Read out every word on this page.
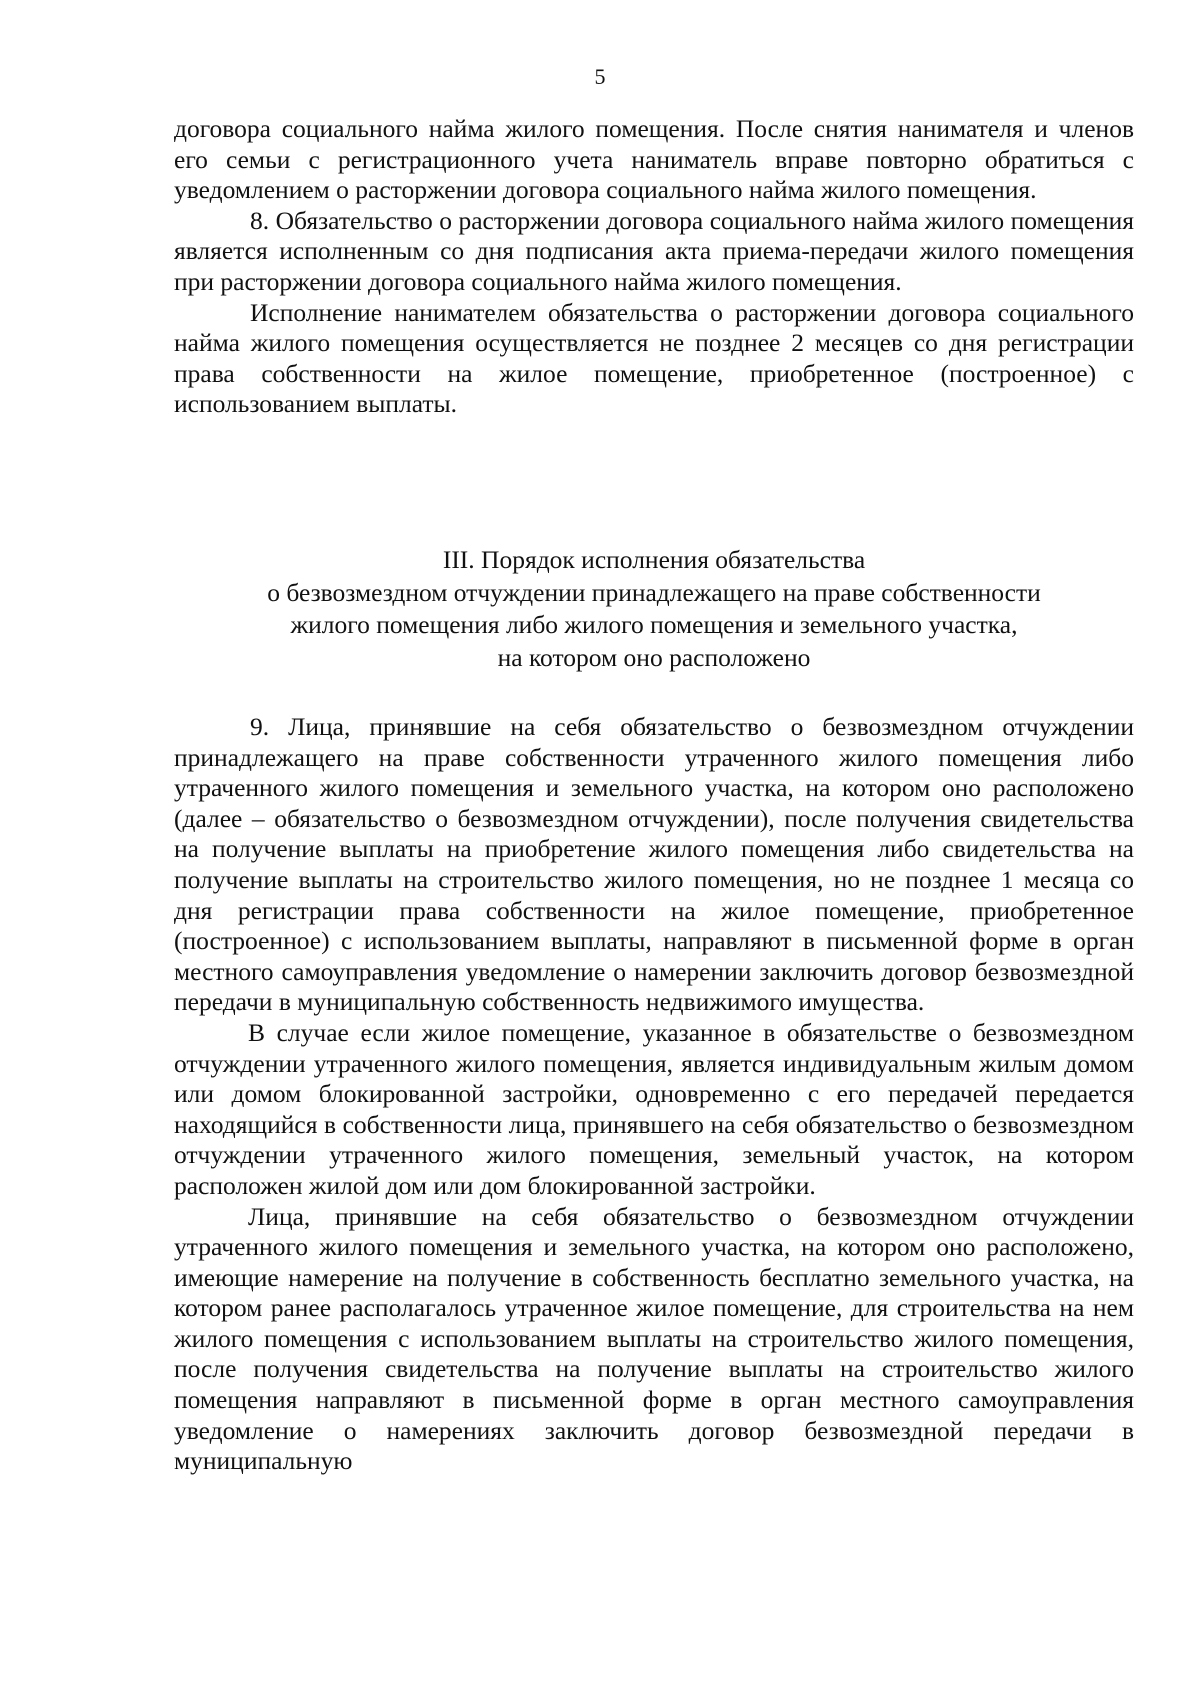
5

договора социального найма жилого помещения. После снятия нанимателя и членов его семьи с регистрационного учета наниматель вправе повторно обратиться с уведомлением о расторжении договора социального найма жилого помещения.

8. Обязательство о расторжении договора социального найма жилого помещения является исполненным со дня подписания акта приема-передачи жилого помещения при расторжении договора социального найма жилого помещения.

Исполнение нанимателем обязательства о расторжении договора социального найма жилого помещения осуществляется не позднее 2 месяцев со дня регистрации права собственности на жилое помещение, приобретенное (построенное) с использованием выплаты.

III. Порядок исполнения обязательства
о безвозмездном отчуждении принадлежащего на праве собственности
жилого помещения либо жилого помещения и земельного участка,
на котором оно расположено

9. Лица, принявшие на себя обязательство о безвозмездном отчуждении принадлежащего на праве собственности утраченного жилого помещения либо утраченного жилого помещения и земельного участка, на котором оно расположено (далее – обязательство о безвозмездном отчуждении), после получения свидетельства на получение выплаты на приобретение жилого помещения либо свидетельства на получение выплаты на строительство жилого помещения, но не позднее 1 месяца со дня регистрации права собственности на жилое помещение, приобретенное (построенное) с использованием выплаты, направляют в письменной форме в орган местного самоуправления уведомление о намерении заключить договор безвозмездной передачи в муниципальную собственность недвижимого имущества.

В случае если жилое помещение, указанное в обязательстве о безвозмездном отчуждении утраченного жилого помещения, является индивидуальным жилым домом или домом блокированной застройки, одновременно с его передачей передается находящийся в собственности лица, принявшего на себя обязательство о безвозмездном отчуждении утраченного жилого помещения, земельный участок, на котором расположен жилой дом или дом блокированной застройки.

Лица, принявшие на себя обязательство о безвозмездном отчуждении утраченного жилого помещения и земельного участка, на котором оно расположено, имеющие намерение на получение в собственность бесплатно земельного участка, на котором ранее располагалось утраченное жилое помещение, для строительства на нем жилого помещения с использованием выплаты на строительство жилого помещения, после получения свидетельства на получение выплаты на строительство жилого помещения направляют в письменной форме в орган местного самоуправления уведомление о намерениях заключить договор безвозмездной передачи в муниципальную
